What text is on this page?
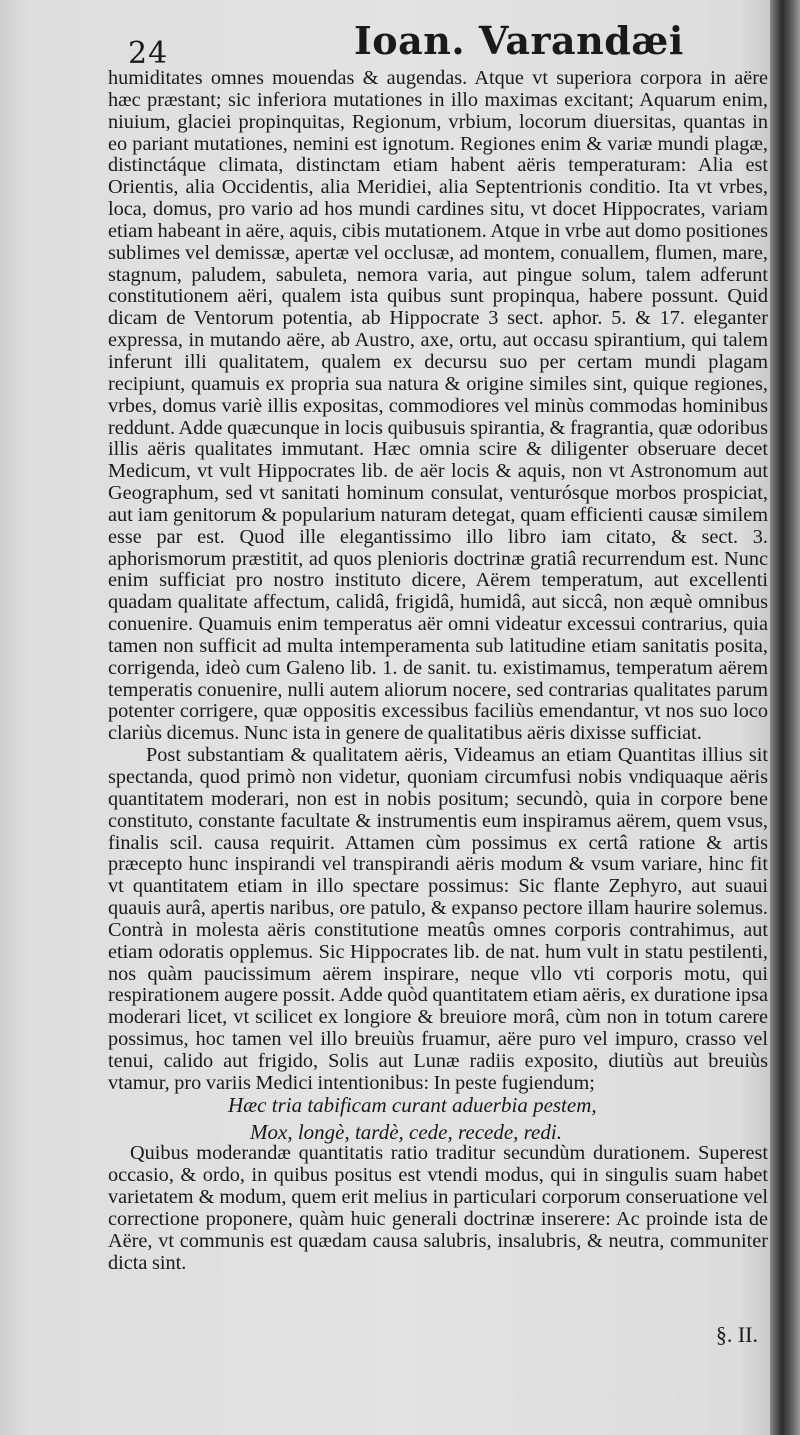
24	Ioan. Varandæi

humiditates omnes mouendas & augendas. Atque vt superiora corpora in aëre hæc præstant; sic inferiora mutationes in illo maximas excitant; Aquarum enim, niuium, glaciei propinquitas, Regionum, vrbium, locorum diuersitas, quantas in eo pariant mutationes, nemini est ignotum. Regiones enim & variæ mundi plagæ, distinctáque climata, distinctam etiam habent aëris temperaturam: Alia est Orientis, alia Occidentis, alia Meridiei, alia Septentrionis conditio. Ita vt vrbes, loca, domus, pro vario ad hos mundi cardines situ, vt docet Hippocrates, variam etiam habeant in aëre, aquis, cibis mutationem. Atque in vrbe aut domo positiones sublimes vel demissæ, apertæ vel occlusæ, ad montem, conuallem, flumen, mare, stagnum, paludem, sabuleta, nemora varia, aut pingue solum, talem adferunt constitutionem aëri, qualem ista quibus sunt propinqua, habere possunt. Quid dicam de Ventorum potentia, ab Hippocrate 3 sect. aphor. 5. & 17. eleganter expressa, in mutando aëre, ab Austro, axe, ortu, aut occasu spirantium, qui talem inferunt illi qualitatem, qualem ex decursu suo per certam mundi plagam recipiunt, quamuis ex propria sua natura & origine similes sint, quique regiones, vrbes, domus variè illis expositas, commodiores vel minùs commodas hominibus reddunt. Adde quæcunque in locis quibusuis spirantia, & fragrantia, quæ odoribus illis aëris qualitates immutant. Hæc omnia scire & diligenter obseruare decet Medicum, vt vult Hippocrates lib. de aër locis & aquis, non vt Astronomum aut Geographum, sed vt sanitati hominum consulat, venturósque morbos prospiciat, aut iam genitorum & popularium naturam detegat, quam efficienti causæ similem esse par est. Quod ille elegantissimo illo libro iam citato, & sect. 3. aphorismorum præstitit, ad quos plenioris doctrinæ gratiâ recurrendum est. Nunc enim sufficiat pro nostro instituto dicere, Aërem temperatum, aut excellenti quadam qualitate affectum, calidâ, frigidâ, humidâ, aut siccâ, non æquè omnibus conuenire. Quamuis enim temperatus aër omni videatur excessui contrarius, quia tamen non sufficit ad multa intemperamenta sub latitudine etiam sanitatis posita, corrigenda, ideò cum Galeno lib. 1. de sanit. tu. existimamus, temperatum aërem temperatis conuenire, nulli autem aliorum nocere, sed contrarias qualitates parum potenter corrigere, quæ oppositis excessibus faciliùs emendantur, vt nos suo loco clariùs dicemus. Nunc ista in genere de qualitatibus aëris dixisse sufficiat.

Post substantiam & qualitatem aëris, Videamus an etiam Quantitas illius sit spectanda, quod primò non videtur, quoniam circumfusi nobis vndiquaque aëris quantitatem moderari, non est in nobis positum; secundò, quia in corpore bene constituto, constante facultate & instrumentis eum inspiramus aërem, quem vsus, finalis scil. causa requirit. Attamen cùm possimus ex certâ ratione & artis præcepto hunc inspirandi vel transpirandi aëris modum & vsum variare, hinc fit vt quantitatem etiam in illo spectare possimus: Sic flante Zephyro, aut suaui quauis aurâ, apertis naribus, ore patulo, & expanso pectore illam haurire solemus. Contrà in molesta aëris constitutione meatûs omnes corporis contrahimus, aut etiam odoratis opplemus. Sic Hippocrates lib. de nat. hum vult in statu pestilenti, nos quàm paucissimum aërem inspirare, neque vllo vti corporis motu, qui respirationem augere possit. Adde quòd quantitatem etiam aëris, ex duratione ipsa moderari licet, vt scilicet ex longiore & breuiore morâ, cùm non in totum carere possimus, hoc tamen vel illo breuiùs fruamur, aëre puro vel impuro, crasso vel tenui, calido aut frigido, Solis aut Lunæ radiis exposito, diutiùs aut breuiùs vtamur, pro variis Medici intentionibus: In peste fugiendum;

Hæc tria tabificam curant aduerbia pestem,
Mox, longè, tardè, cede, recede, redi.

Quibus moderandæ quantitatis ratio traditur secundùm durationem. Superest occasio, & ordo, in quibus positus est vtendi modus, qui in singulis suam habet varietatem & modum, quem erit melius in particulari corporum conseruatione vel correctione proponere, quàm huic generali doctrinæ inserere: Ac proinde ista de Aëre, vt communis est quædam causa salubris, insalubris, & neutra, communiter dicta sint.

§. II.
